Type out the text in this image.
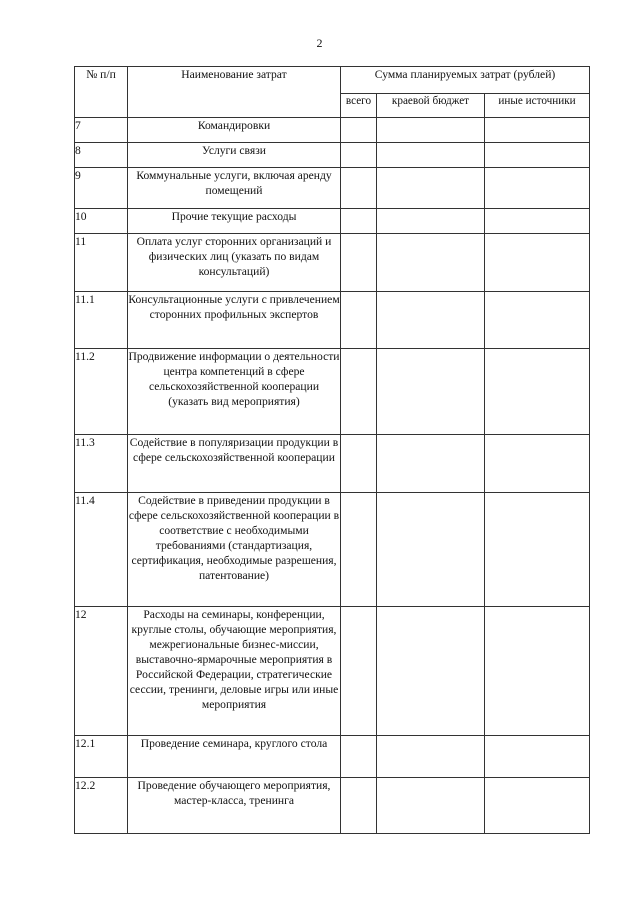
2
№ п/п	Наименование затрат	Сумма планируемых затрат (рублей)		
		всего	краевой бюджет	иные источники
7	Командировки			
8	Услуги связи			
9	Коммунальные услуги, включая аренду помещений			
10	Прочие текущие расходы			
11	Оплата услуг сторонних организаций и физических лиц (указать по видам консультаций)			
11.1	Консультационные услуги с привлечением сторонних профильных экспертов			
11.2	Продвижение информации о деятельности центра компетенций в сфере сельскохозяйственной кооперации (указать вид мероприятия)			
11.3	Содействие в популяризации продукции в сфере сельскохозяйственной кооперации			
11.4	Содействие в приведении продукции в сфере сельскохозяйственной кооперации в соответствие с необходимыми требованиями (стандартизация, сертификация, необходимые разрешения, патентование)			
12	Расходы на семинары, конференции, круглые столы, обучающие мероприятия, межрегиональные бизнес-миссии, выставочно-ярмарочные мероприятия в Российской Федерации, стратегические сессии, тренинги, деловые игры или иные мероприятия			
12.1	Проведение семинара, круглого стола			
12.2	Проведение обучающего мероприятия, мастер-класса, тренинга			
